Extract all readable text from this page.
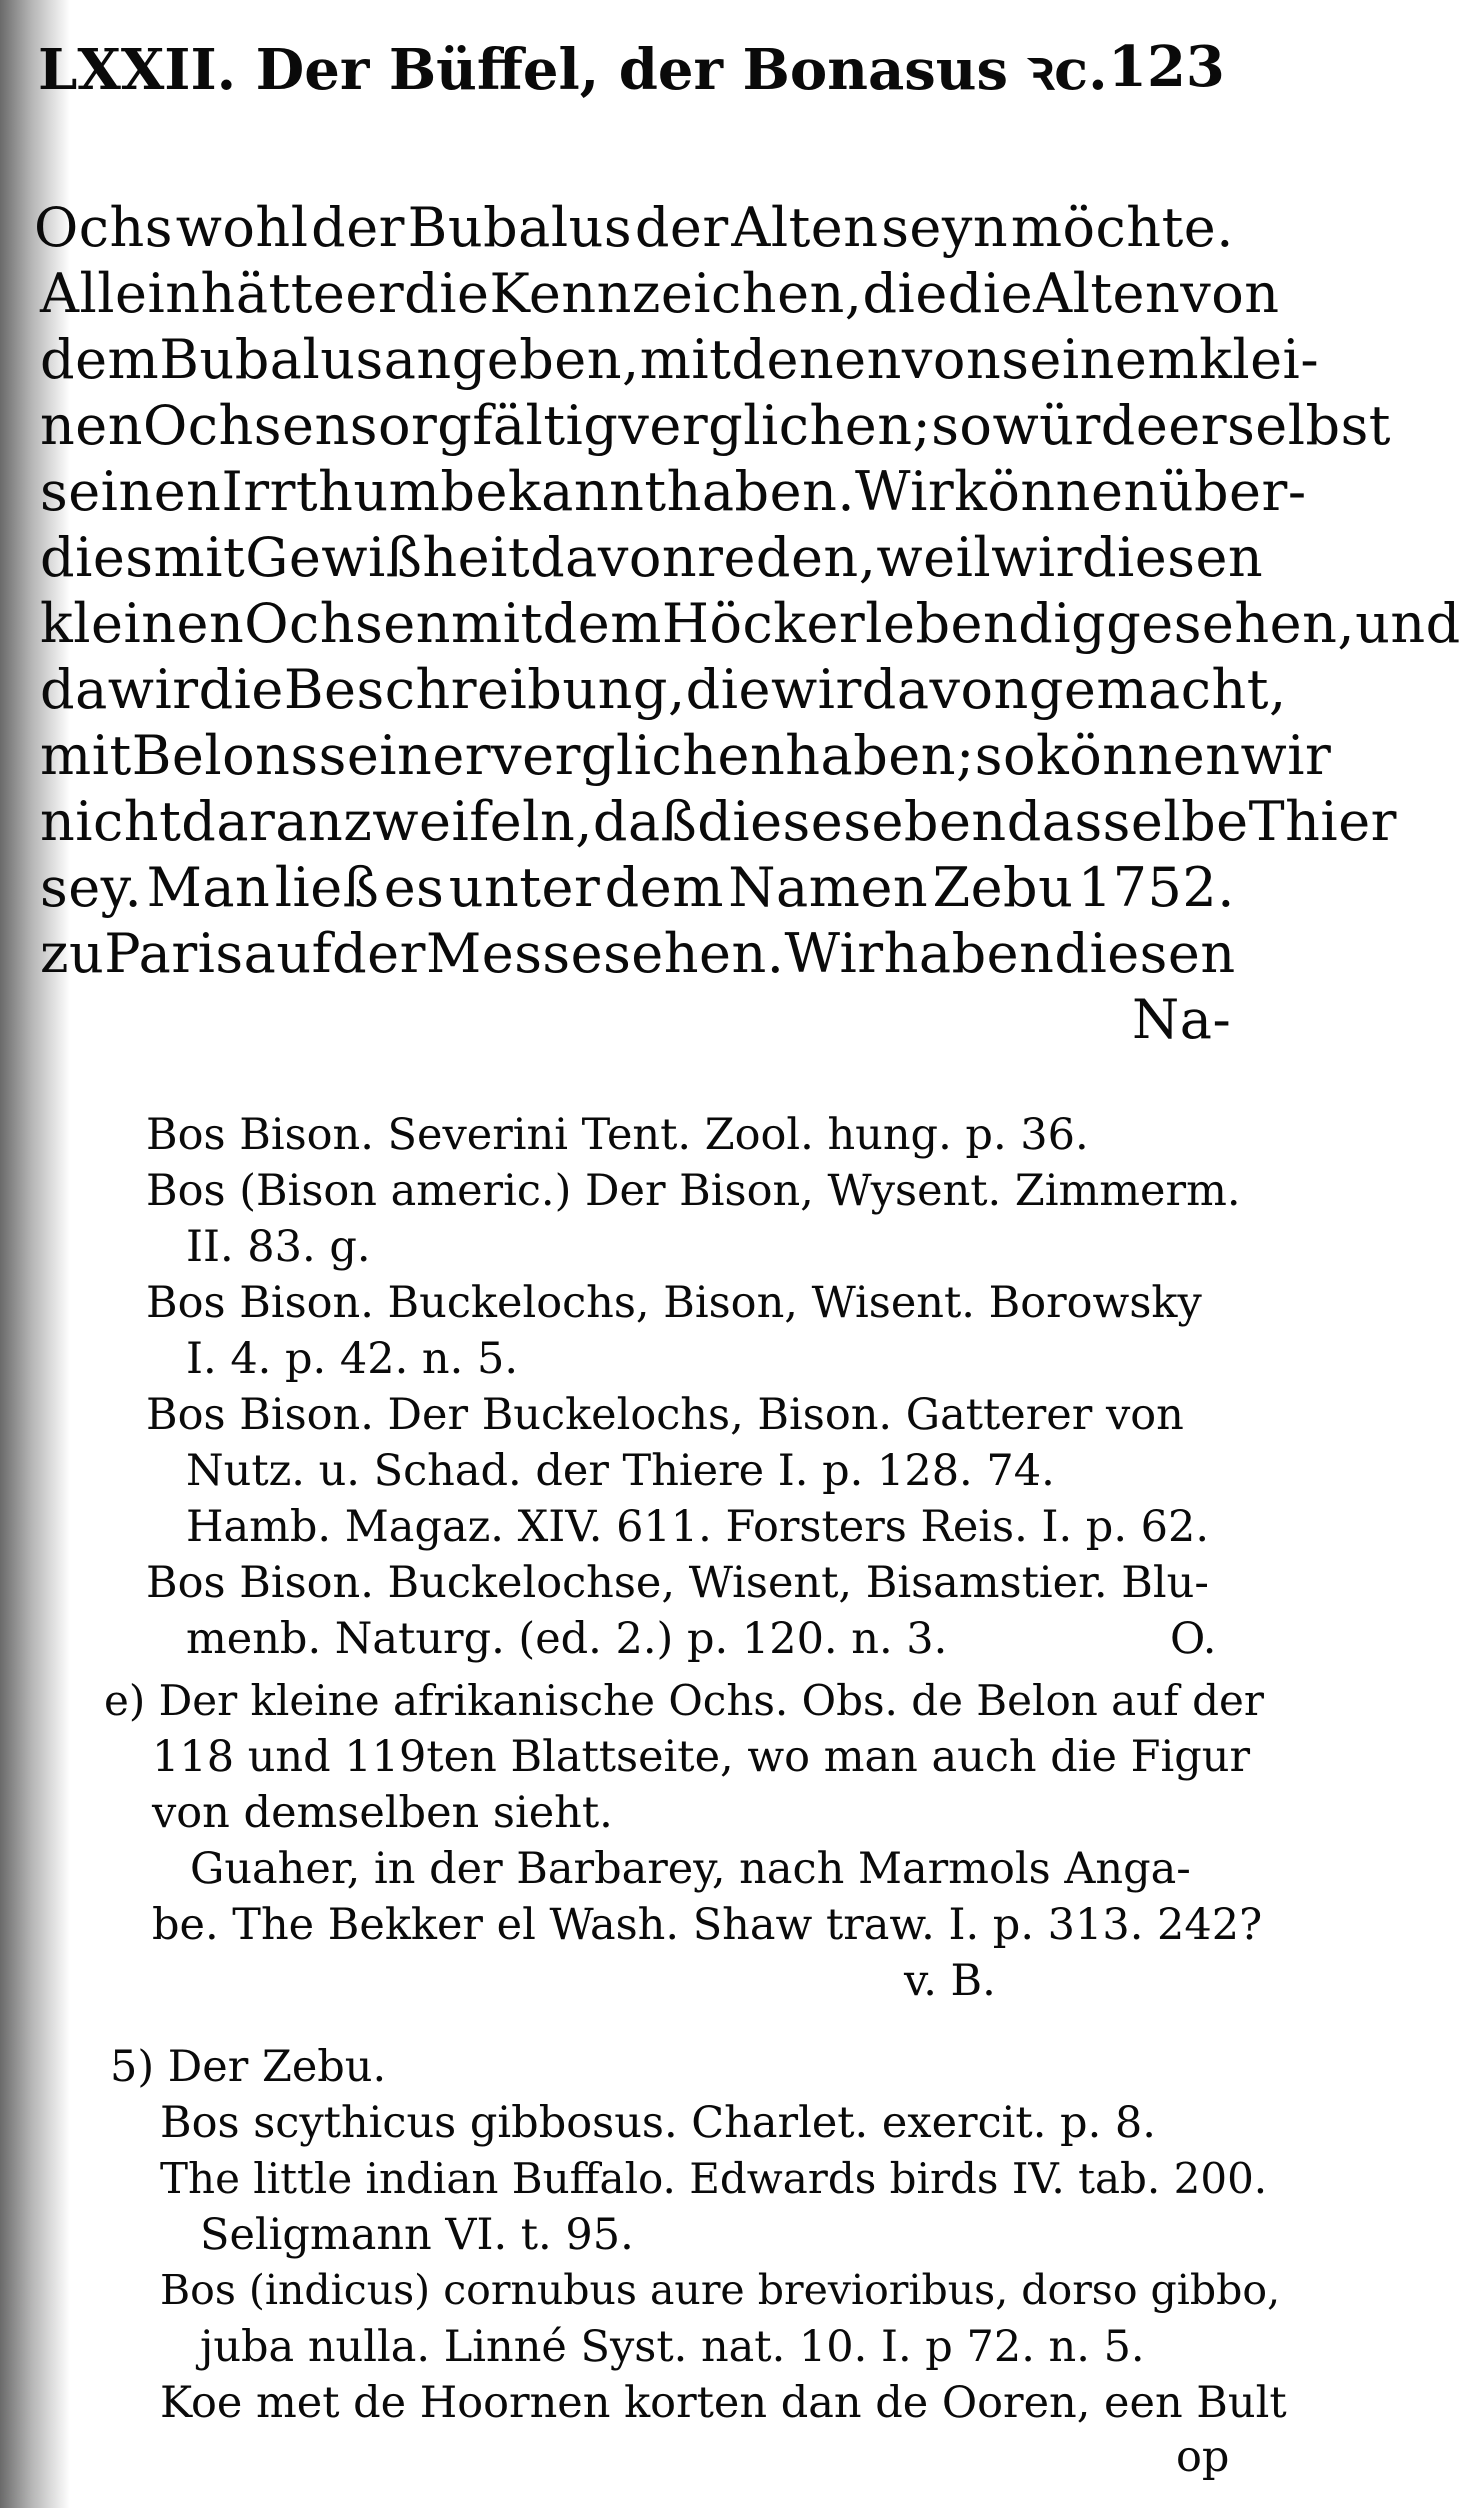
LXXII. Der Büffel, der Bonasus ꝛc. 123
Ochs wohl der Bubalus der Alten seyn möchte.
Allein hätte er die Kennzeichen, die die Alten von
dem Bubalus angeben, mit denen von seinem klei-
nen Ochsen sorgfältig verglichen; so würde er selbst
seinen Irrthum bekannt haben. Wir können über-
dies mit Gewißheit davon reden, weil wir diesen
kleinen Ochsen mit dem Höcker lebendig gesehen, und
da wir die Beschreibung, die wir davon gemacht,
mit Belons seiner verglichen haben; so können wir
nicht daran zweifeln, daß dieses eben dasselbe Thier
sey. Man ließ es unter dem Namen Zebu 1752.
zu Paris auf der Messe sehen. Wir haben diesen
Na-
Bos Bison. Severini Tent. Zool. hung. p. 36.
Bos (Bison americ.) Der Bison, Wysent. Zimmerm.
II. 83. g.
Bos Bison. Buckelochs, Bison, Wisent. Borowsky
I. 4. p. 42. n. 5.
Bos Bison. Der Buckelochs, Bison. Gatterer von
Nutz. u. Schad. der Thiere I. p. 128. 74.
Hamb. Magaz. XIV. 611. Forsters Reis. I. p. 62.
Bos Bison. Buckelochse, Wisent, Bisamstier. Blu-
menb. Naturg. (ed. 2.) p. 120. n. 3.	O.
e) Der kleine afrikanische Ochs. Obs. de Belon auf der
118 und 119ten Blattseite, wo man auch die Figur
von demselben sieht.
Guaher, in der Barbarey, nach Marmols Anga-
be. The Bekker el Wash. Shaw traw. I. p. 313. 242?
v. B.
5) Der Zebu.
Bos scythicus gibbosus. Charlet. exercit. p. 8.
The little indian Buffalo. Edwards birds IV. tab. 200.
Seligmann VI. t. 95.
Bos (indicus) cornubus aure brevioribus, dorso gibbo,
juba nulla. Linné Syst. nat. 10. I. p 72. n. 5.
Koe met de Hoornen korten dan de Ooren, een Bult
op
